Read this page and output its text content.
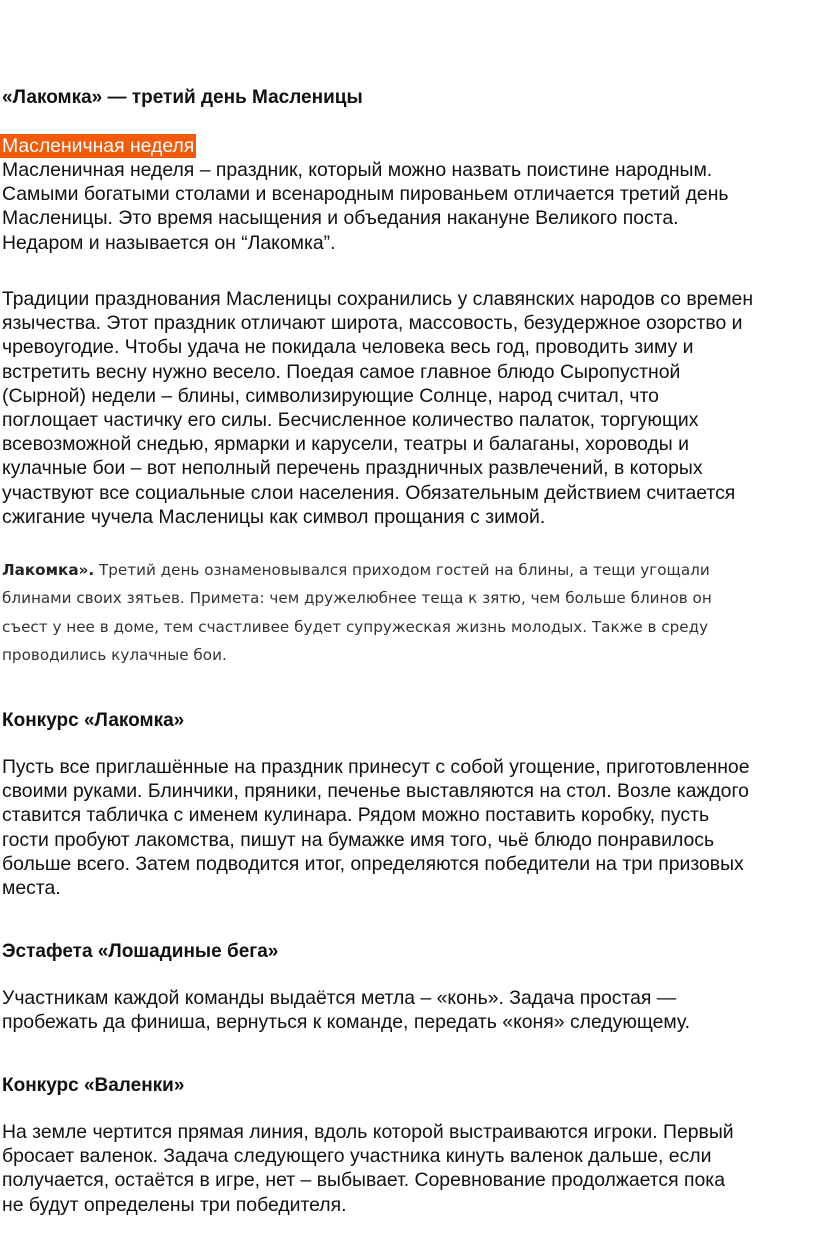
«Лакомка» — третий день Масленицы
Масленичная неделя
Масленичная неделя – праздник, который можно назвать поистине народным.
Самыми богатыми столами и всенародным пированьем отличается третий день
Масленицы. Это время насыщения и объедания накануне Великого поста.
Недаром и называется он “Лакомка”.
Традиции празднования Масленицы сохранились у славянских народов со времен
язычества. Этот праздник отличают широта, массовость, безудержное озорство и
чревоугодие. Чтобы удача не покидала человека весь год, проводить зиму и
встретить весну нужно весело. Поедая самое главное блюдо Сыропустной
(Сырной) недели – блины, символизирующие Солнце, народ считал, что
поглощает частичку его силы. Бесчисленное количество палаток, торгующих
всевозможной снедью, ярмарки и карусели, театры и балаганы, хороводы и
кулачные бои – вот неполный перечень праздничных развлечений, в которых
участвуют все социальные слои населения. Обязательным действием считается
сжигание чучела Масленицы как символ прощания с зимой.
Лакомка». Третий день ознаменовывался приходом гостей на блины, а тещи угощали
блинами своих зятьев. Примета: чем дружелюбнее теща к зятю, чем больше блинов он
съест у нее в доме, тем счастливее будет супружеская жизнь молодых. Также в среду
проводились кулачные бои.
Конкурс «Лакомка»
Пусть все приглашённые на праздник принесут с собой угощение, приготовленное
своими руками. Блинчики, пряники, печенье выставляются на стол. Возле каждого
ставится табличка с именем кулинара. Рядом можно поставить коробку, пусть
гости пробуют лакомства, пишут на бумажке имя того, чьё блюдо понравилось
больше всего. Затем подводится итог, определяются победители на три призовых
места.
Эстафета «Лошадиные бега»
Участникам каждой команды выдаётся метла – «конь». Задача простая —
пробежать да финиша, вернуться к команде, передать «коня» следующему.
Конкурс «Валенки»
На земле чертится прямая линия, вдоль которой выстраиваются игроки. Первый
бросает валенок. Задача следующего участника кинуть валенок дальше, если
получается, остаётся в игре, нет – выбывает. Соревнование продолжается пока
не будут определены три победителя.
